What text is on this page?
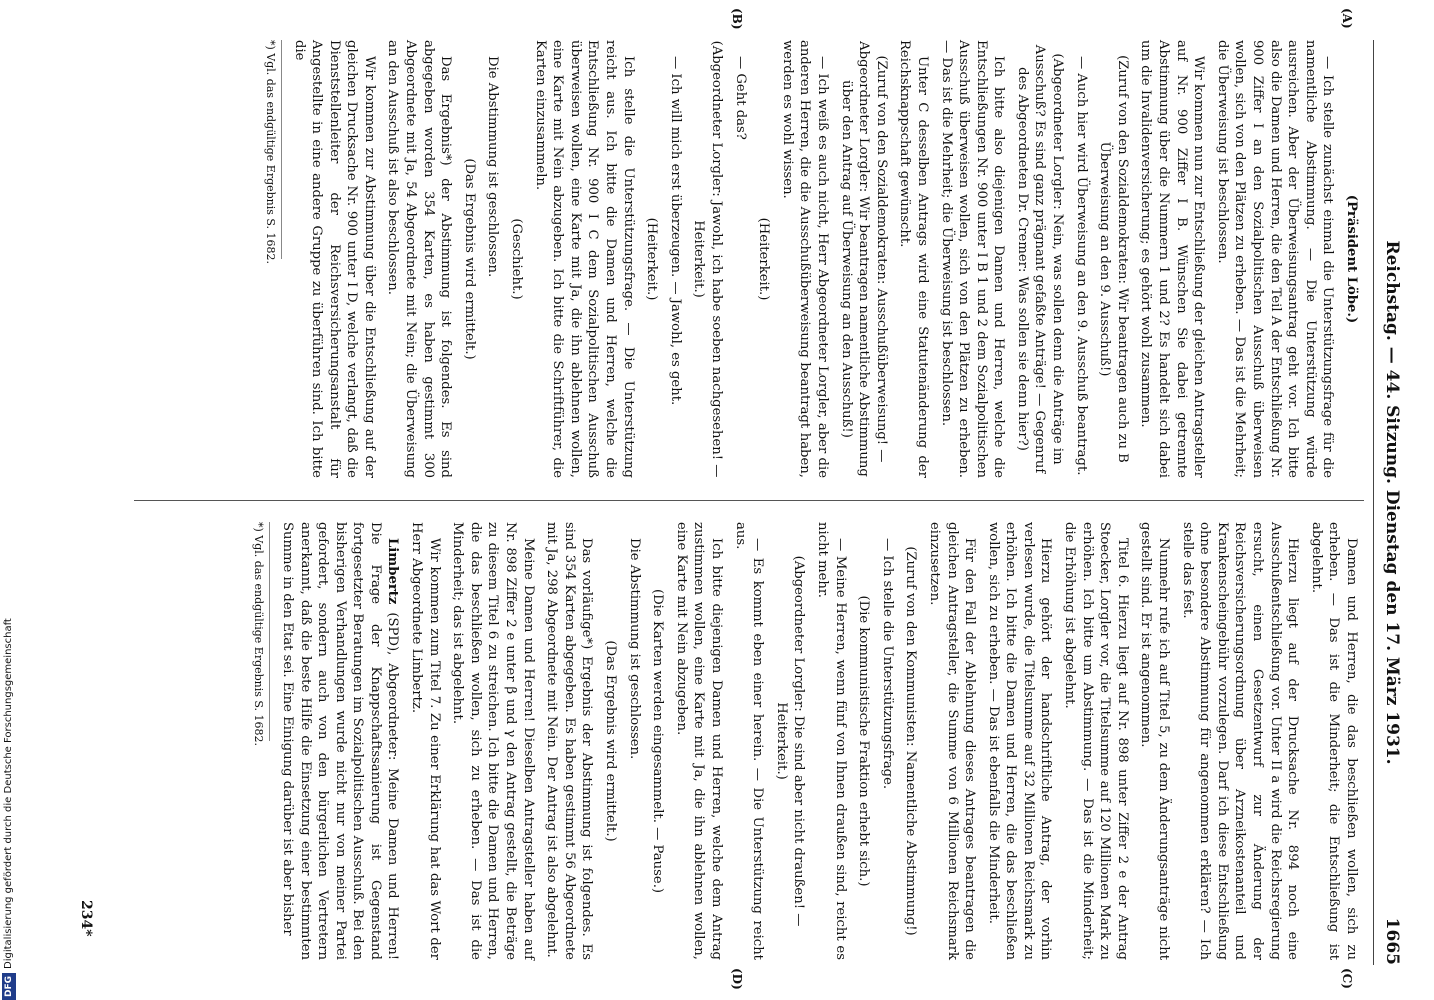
Reichstag. — 44. Sitzung. Dienstag den 17. März 1931.
1665
(A)
(B)
(C)
(D)

(Präsident Löbe.)

— Ich stelle zunächst einmal die Unterstützungsfrage für die namentliche Abstimmung. — Die Unterstützung würde ausreichen. Aber der Überweisungsantrag geht vor. Ich bitte also die Damen und Herren, die den Teil A der Entschließung Nr. 900 Ziffer I an den Sozialpolitischen Ausschuß überweisen wollen, sich von den Plätzen zu erheben. — Das ist die Mehrheit; die Überweisung ist beschlossen.

Wir kommen nun zur Entschließung der gleichen Antragsteller auf Nr. 900 Ziffer I B. Wünschen Sie dabei getrennte Abstimmung über die Nummern 1 und 2? Es handelt sich dabei um die Invalidenversicherung; es gehört wohl zusammen.

(Zuruf von den Sozialdemokraten: Wir beantragen auch zu B Überweisung an den 9. Ausschuß!)

— Auch hier wird Überweisung an den 9. Ausschuß beantragt.

(Abgeordneter Lorgler: Nein, was sollen denn die Anträge im Ausschuß? Es sind ganz prägnant gefaßte Anträge! — Gegenruf des Abgeordneten Dr. Cremer: Was sollen sie denn hier?)

Ich bitte also diejenigen Damen und Herren, welche die Entschließungen Nr. 900 unter I B 1 und 2 dem Sozialpolitischen Ausschuß überweisen wollen, sich von den Plätzen zu erheben. — Das ist die Mehrheit; die Überweisung ist beschlossen.

Unter C desselben Antrags wird eine Statutenänderung der Reichsknappschaft gewünscht.

(Zuruf von den Sozialdemokraten: Ausschußüberweisung! — Abgeordneter Lorgler: Wir beantragen namentliche Abstimmung über den Antrag auf Überweisung an den Ausschuß!)

— Ich weiß es auch nicht, Herr Abgeordneter Lorgler, aber die anderen Herren, die die Ausschußüberweisung beantragt haben, werden es wohl wissen.

(Heiterkeit.)

— Geht das?

(Abgeordneter Lorgler: Jawohl, ich habe soeben nachgesehen! — Heiterkeit.)

— Ich will mich erst überzeugen. — Jawohl, es geht.

(Heiterkeit.)

Ich stelle die Unterstützungsfrage. — Die Unterstützung reicht aus. Ich bitte die Damen und Herren, welche die Entschließung Nr. 900 I C dem Sozialpolitischen Ausschuß überweisen wollen, eine Karte mit Ja, die ihn ablehnen wollen, eine Karte mit Nein abzugeben. Ich bitte die Schriftführer, die Karten einzusammeln.

(Geschieht.)

Die Abstimmung ist geschlossen.

(Das Ergebnis wird ermittelt.)

Das Ergebnis*) der Abstimmung ist folgendes. Es sind abgegeben worden 354 Karten, es haben gestimmt 300 Abgeordnete mit Ja, 54 Abgeordnete mit Nein; die Überweisung an den Ausschuß ist also beschlossen.

Wir kommen zur Abstimmung über die Entschließung auf der gleichen Drucksache Nr. 900 unter I D, welche verlangt, daß die Dienststellenleiter der Reichsversicherungsanstalt für Angestellte in eine andere Gruppe zu überführen sind. Ich bitte die

*) Vgl. das endgültige Ergebnis S. 1682.

Damen und Herren, die das beschließen wollen, sich zu erheben. — Das ist die Minderheit; die Entschließung ist abgelehnt.

Hierzu liegt auf der Drucksache Nr. 894 noch eine Ausschußentschließung vor. Unter II a wird die Reichsregierung ersucht, einen Gesetzentwurf zur Änderung der Reichsversicherungsordnung über Arzneikostenanteil und Krankenscheingebühr vorzulegen. Darf ich diese Entschließung ohne besondere Abstimmung für angenommen erklären? — Ich stelle das fest.

Nunmehr rufe ich auf Titel 5, zu dem Änderungsanträge nicht gestellt sind. Er ist angenommen.

Titel 6. Hierzu liegt auf Nr. 898 unter Ziffer 2 e der Antrag Stoecker, Lorgler vor, die Titelsumme auf 120 Millionen Mark zu erhöhen. Ich bitte um Abstimmung. — Das ist die Minderheit; die Erhöhung ist abgelehnt.

Hierzu gehört der handschriftliche Antrag, der vorhin verlesen wurde, die Titelsumme auf 32 Millionen Reichsmark zu erhöhen. Ich bitte die Damen und Herren, die das beschließen wollen, sich zu erheben. — Das ist ebenfalls die Minderheit.

Für den Fall der Ablehnung dieses Antrages beantragen die gleichen Antragsteller, die Summe von 6 Millionen Reichsmark einzusetzen.

(Zuruf von den Kommunisten: Namentliche Abstimmung!)

— Ich stelle die Unterstützungsfrage.

(Die kommunistische Fraktion erhebt sich.)

— Meine Herren, wenn fünf von Ihnen draußen sind, reicht es nicht mehr.

(Abgeordneter Lorgler: Die sind aber nicht draußen! — Heiterkeit.)

— Es kommt eben einer herein. — Die Unterstützung reicht aus.

Ich bitte diejenigen Damen und Herren, welche dem Antrag zustimmen wollen, eine Karte mit Ja, die ihn ablehnen wollen, eine Karte mit Nein abzugeben.

(Die Karten werden eingesammelt. — Pause.)

Die Abstimmung ist geschlossen.

(Das Ergebnis wird ermittelt.)

Das vorläufige*) Ergebnis der Abstimmung ist folgendes. Es sind 354 Karten abgegeben. Es haben gestimmt 56 Abgeordnete mit Ja, 298 Abgeordnete mit Nein. Der Antrag ist also abgelehnt.

Meine Damen und Herren! Dieselben Antragsteller haben auf Nr. 898 Ziffer 2 e unter β und γ den Antrag gestellt, die Beträge zu diesem Titel 6 zu streichen. Ich bitte die Damen und Herren, die das beschließen wollen, sich zu erheben. — Das ist die Minderheit; das ist abgelehnt.

Wir kommen zum Titel 7. Zu einer Erklärung hat das Wort der Herr Abgeordnete Limbertz.

Limbertz (SPD), Abgeordneter: Meine Damen und Herren! Die Frage der Knappschaftssanierung ist Gegenstand fortgesetzter Beratungen im Sozialpolitischen Ausschuß. Bei den bisherigen Verhandlungen wurde nicht nur von meiner Partei gefordert, sondern auch von den bürgerlichen Vertretern anerkannt, daß die beste Hilfe die Einsetzung einer bestimmten Summe in den Etat sei. Eine Einigung darüber ist aber bisher

*) Vgl. das endgültige Ergebnis S. 1682.
234*
DFGDigitalisierung gefördert durch die Deutsche Forschungsgemeinschaft
